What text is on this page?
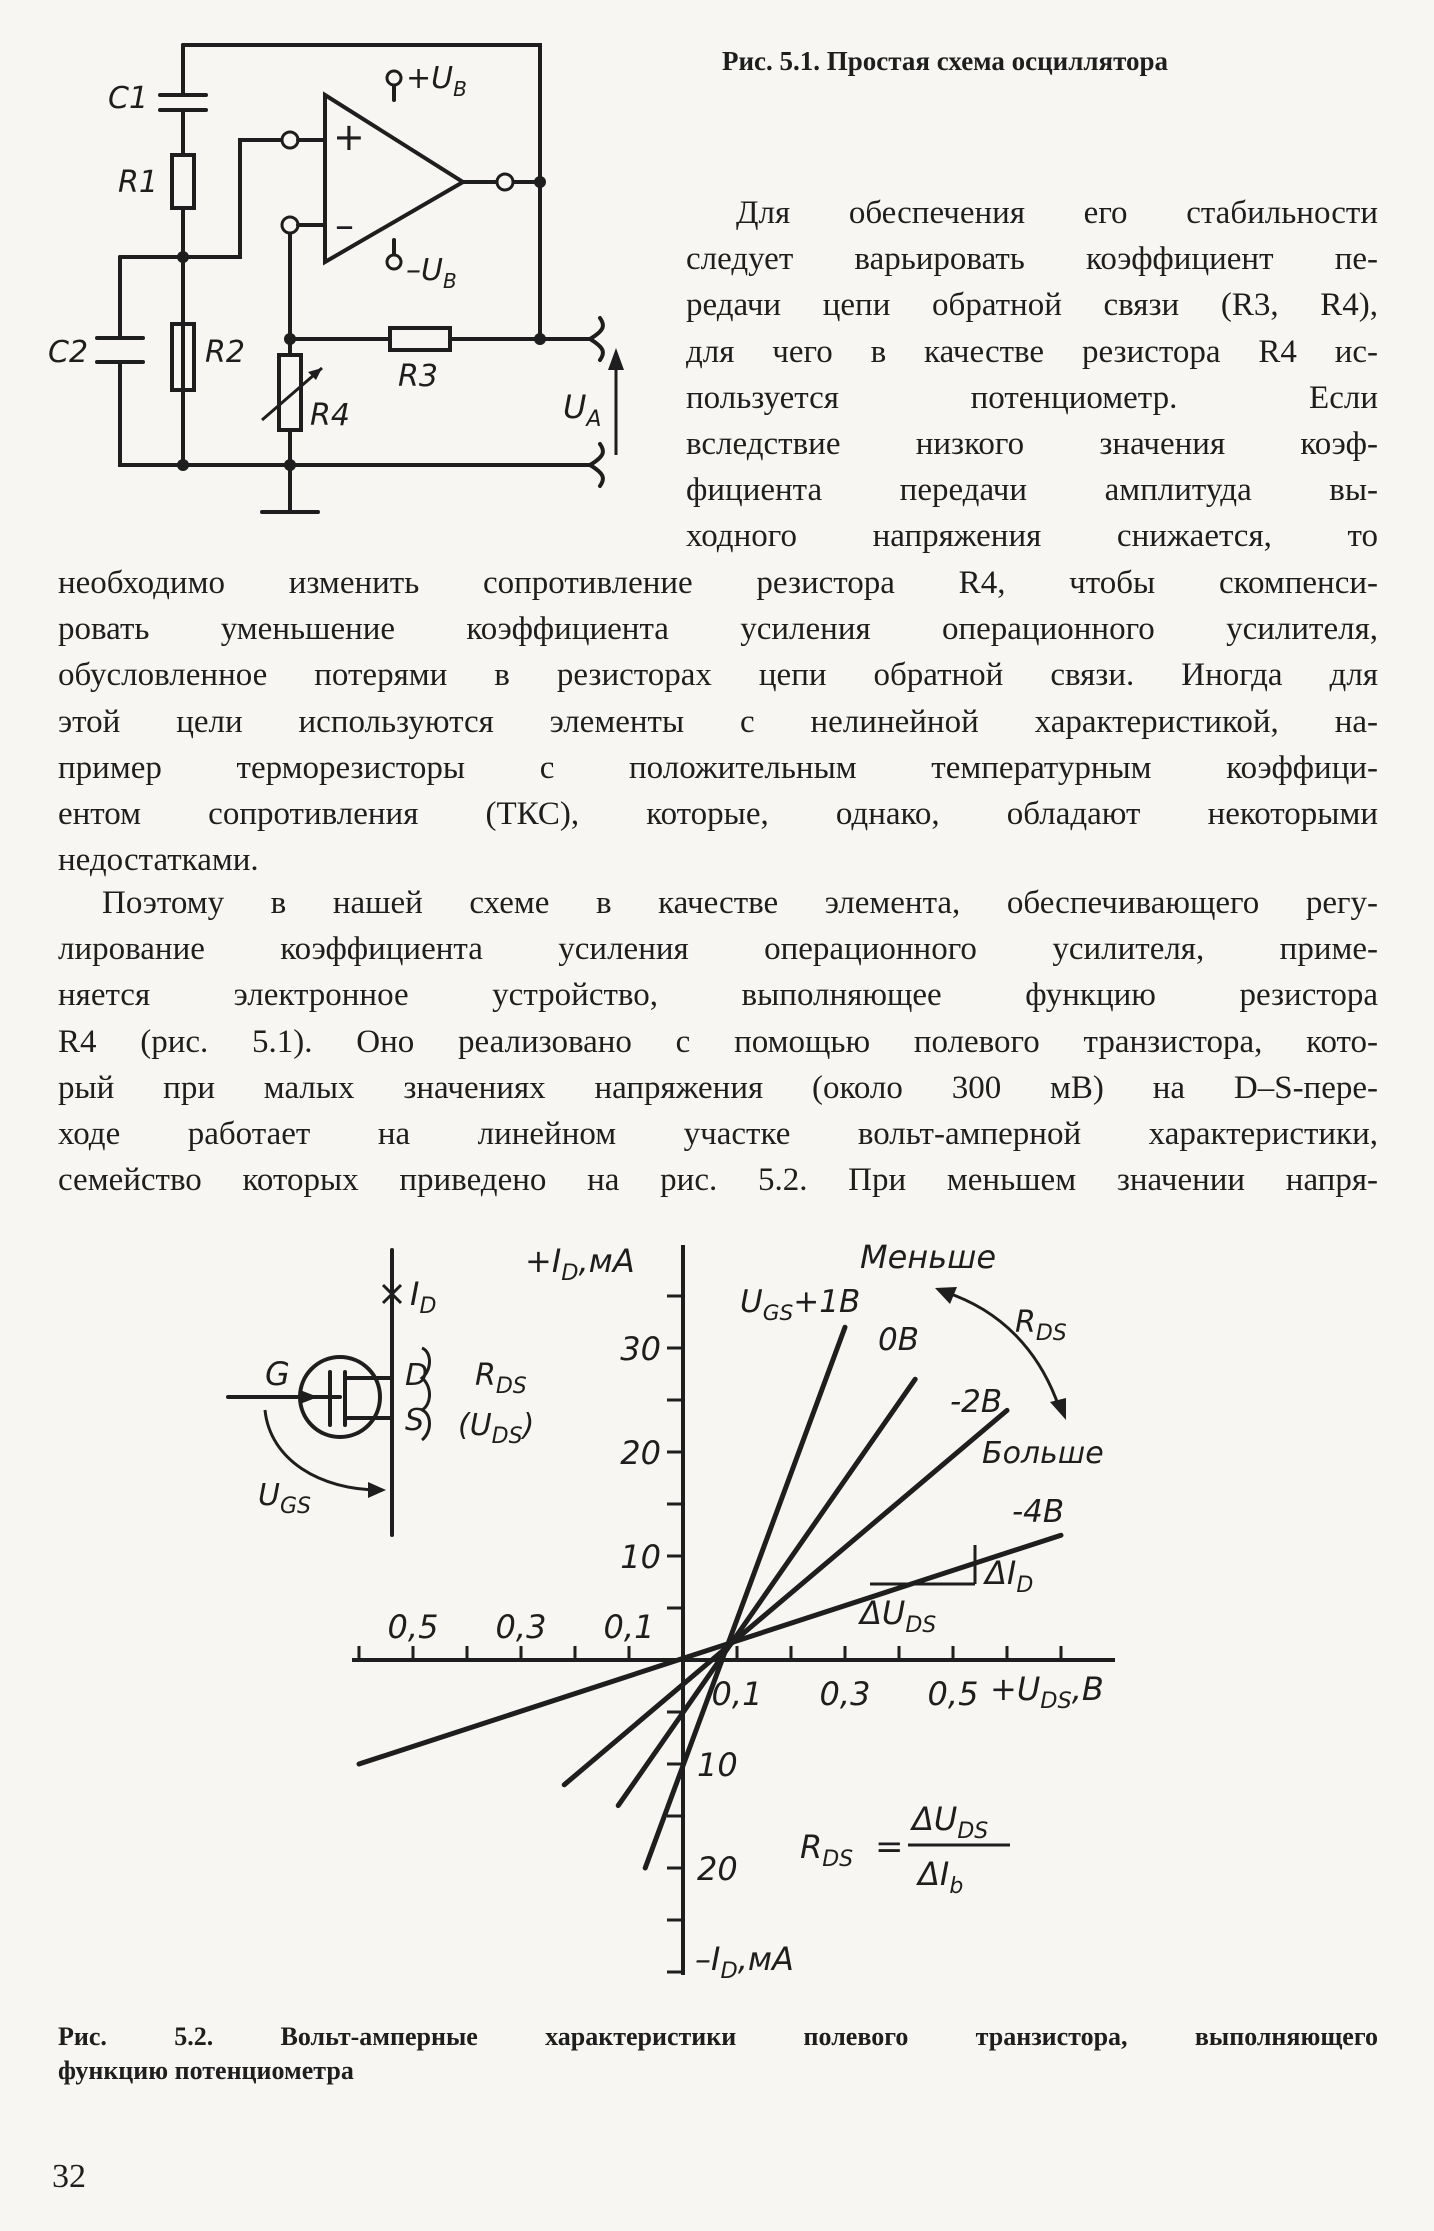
+
–
C1
R1
C2	R2
R3
R4
$+U_B$
$-U_B$
$U_A$
Рис. 5.1. Простая схема осциллятора
Для обеспечения его стабильности
следует варьировать коэффициент пе-
редачи цепи обратной связи (R3, R4),
для чего в качестве резистора R4 ис-
пользуется потенциометр. Если
вследствие низкого значения коэф-
фициента передачи амплитуда вы-
ходного напряжения снижается, то
необходимо изменить сопротивление резистора R4, чтобы скомпенси-
ровать уменьшение коэффициента усиления операционного усилителя,
обусловленное потерями в резисторах цепи обратной связи. Иногда для
этой цели используются элементы с нелинейной характеристикой, на-
пример терморезисторы с положительным температурным коэффици-
ентом сопротивления (ТКС), которые, однако, обладают некоторыми
недостатками.
Поэтому в нашей схеме в качестве элемента, обеспечивающего регу-
лирование коэффициента усиления операционного усилителя, приме-
няется электронное устройство, выполняющее функцию резистора
R4 (рис. 5.1). Оно реализовано с помощью полевого транзистора, кото-
рый при малых значениях напряжения (около 300 мВ) на D–S-пере-
ходе работает на линейном участке вольт-амперной характеристики,
семейство которых приведено на рис. 5.2. При меньшем значении напря-
G	D
S
$I_D$
$R_{DS}$
$(U_{DS})$
$U_{GS}$
0,1 0,3 0,5
0,5 0,3 0,1
10
20
30
10
20
$+I_D,мА$
$-I_D,мА$
$+U_{DS},B$
$U_{GS}+1B$
0B
-2B
-4B
Меньше
Больше
$R_{DS}$
$\Delta U_{DS}$
$\Delta I_D$
$R_{DS}$ =
$\Delta U_{DS}$
$\Delta I_b$
Рис. 5.2. Вольт-амперные характеристики полевого транзистора, выполняющего
функцию потенциометра
32
